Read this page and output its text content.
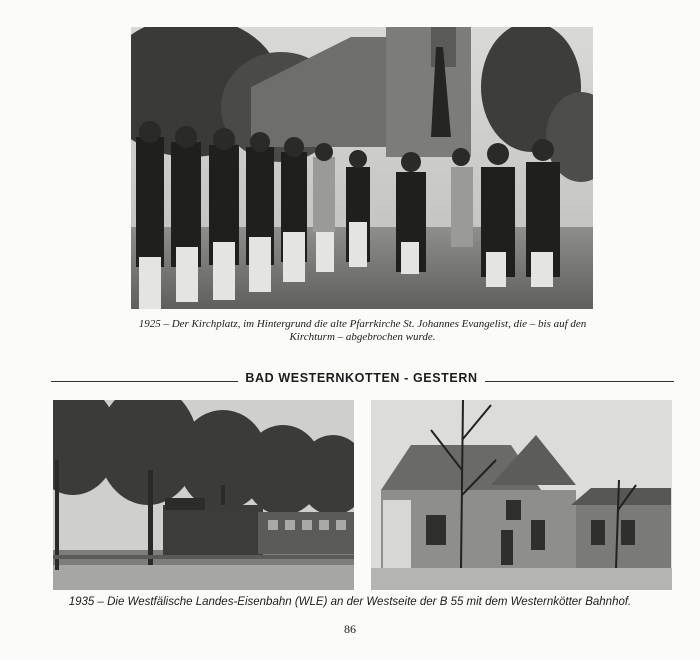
1925 – Der Kirchplatz, im Hintergrund die alte Pfarrkirche St. Johannes Evangelist, die – bis auf den Kirchturm – abgebrochen wurde.
BAD WESTERNKOTTEN - GESTERN
1935 – Die Westfälische Landes-Eisenbahn (WLE) an der Westseite der B 55 mit dem Westernkötter Bahnhof.
86
